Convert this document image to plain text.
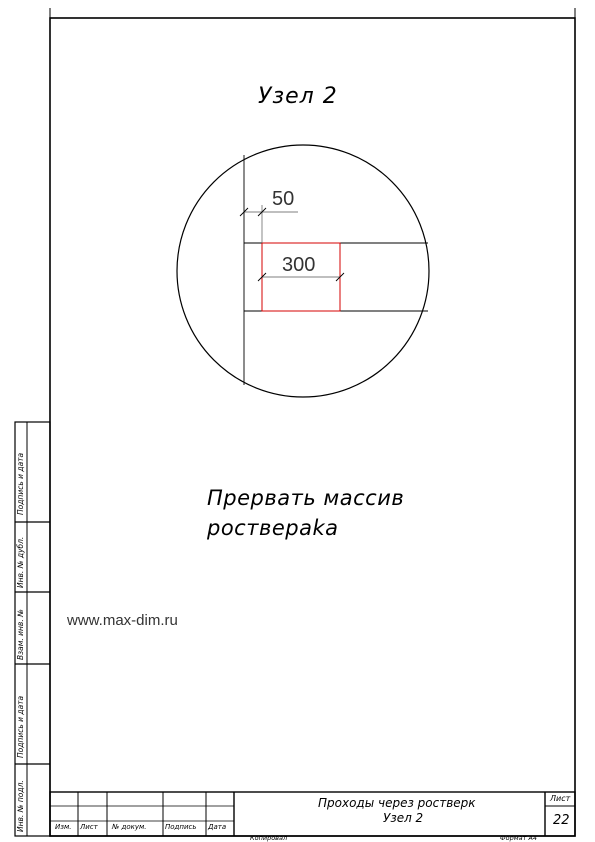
Узел 2
50
300
Прервать массив
роствераka
www.max-dim.ru
Подпись и дата
Инв. № дубл.
Взам. инв. №
Подпись и дата
Инв. № подл.	Изм. Лист № докум.	Подпись Дата
Проходы через ростверк
Узел 2
Лист
22
Копировал	Формат А4
